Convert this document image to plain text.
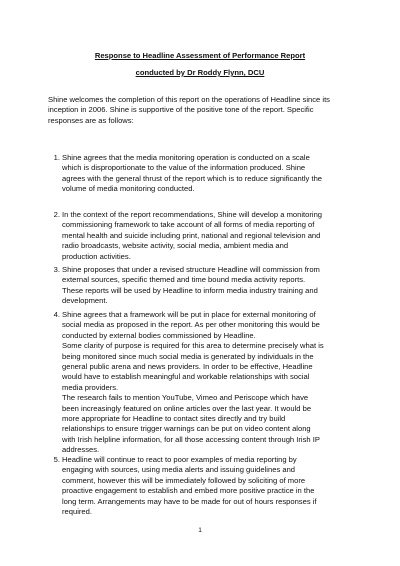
Response to Headline Assessment of Performance Report
conducted by Dr Roddy Flynn, DCU
Shine welcomes the completion of this report on the operations of Headline since its
inception in 2006. Shine is supportive of the positive tone of the report. Specific
responses are as follows:
1. Shine agrees that the media monitoring operation is conducted on a scale
which is disproportionate to the value of the information produced. Shine
agrees with the general thrust of the report which is to reduce significantly the
volume of media monitoring conducted.
2. In the context of the report recommendations, Shine will develop a monitoring
commissioning framework to take account of all forms of media reporting of
mental health and suicide including print, national and regional television and
radio broadcasts, website activity, social media, ambient media and
production activities.
3. Shine proposes that under a revised structure Headline will commission from
external sources, specific themed and time bound media activity reports.
These reports will be used by Headline to inform media industry training and
development.
4. Shine agrees that a framework will be put in place for external monitoring of
social media as proposed in the report. As per other monitoring this would be
conducted by external bodies commissioned by Headline.
Some clarity of purpose is required for this area to determine precisely what is
being monitored since much social media is generated by individuals in the
general public arena and news providers. In order to be effective, Headline
would have to establish meaningful and workable relationships with social
media providers.
The research fails to mention YouTube, Vimeo and Periscope which have
been increasingly featured on online articles over the last year. It would be
more appropriate for Headline to contact sites directly and try build
relationships to ensure trigger warnings can be put on video content along
with Irish helpline information, for all those accessing content through Irish IP
addresses.
5. Headline will continue to react to poor examples of media reporting by
engaging with sources, using media alerts and issuing guidelines and
comment, however this will be immediately followed by soliciting of more
proactive engagement to establish and embed more positive practice in the
long term. Arrangements may have to be made for out of hours responses if
required.
1
